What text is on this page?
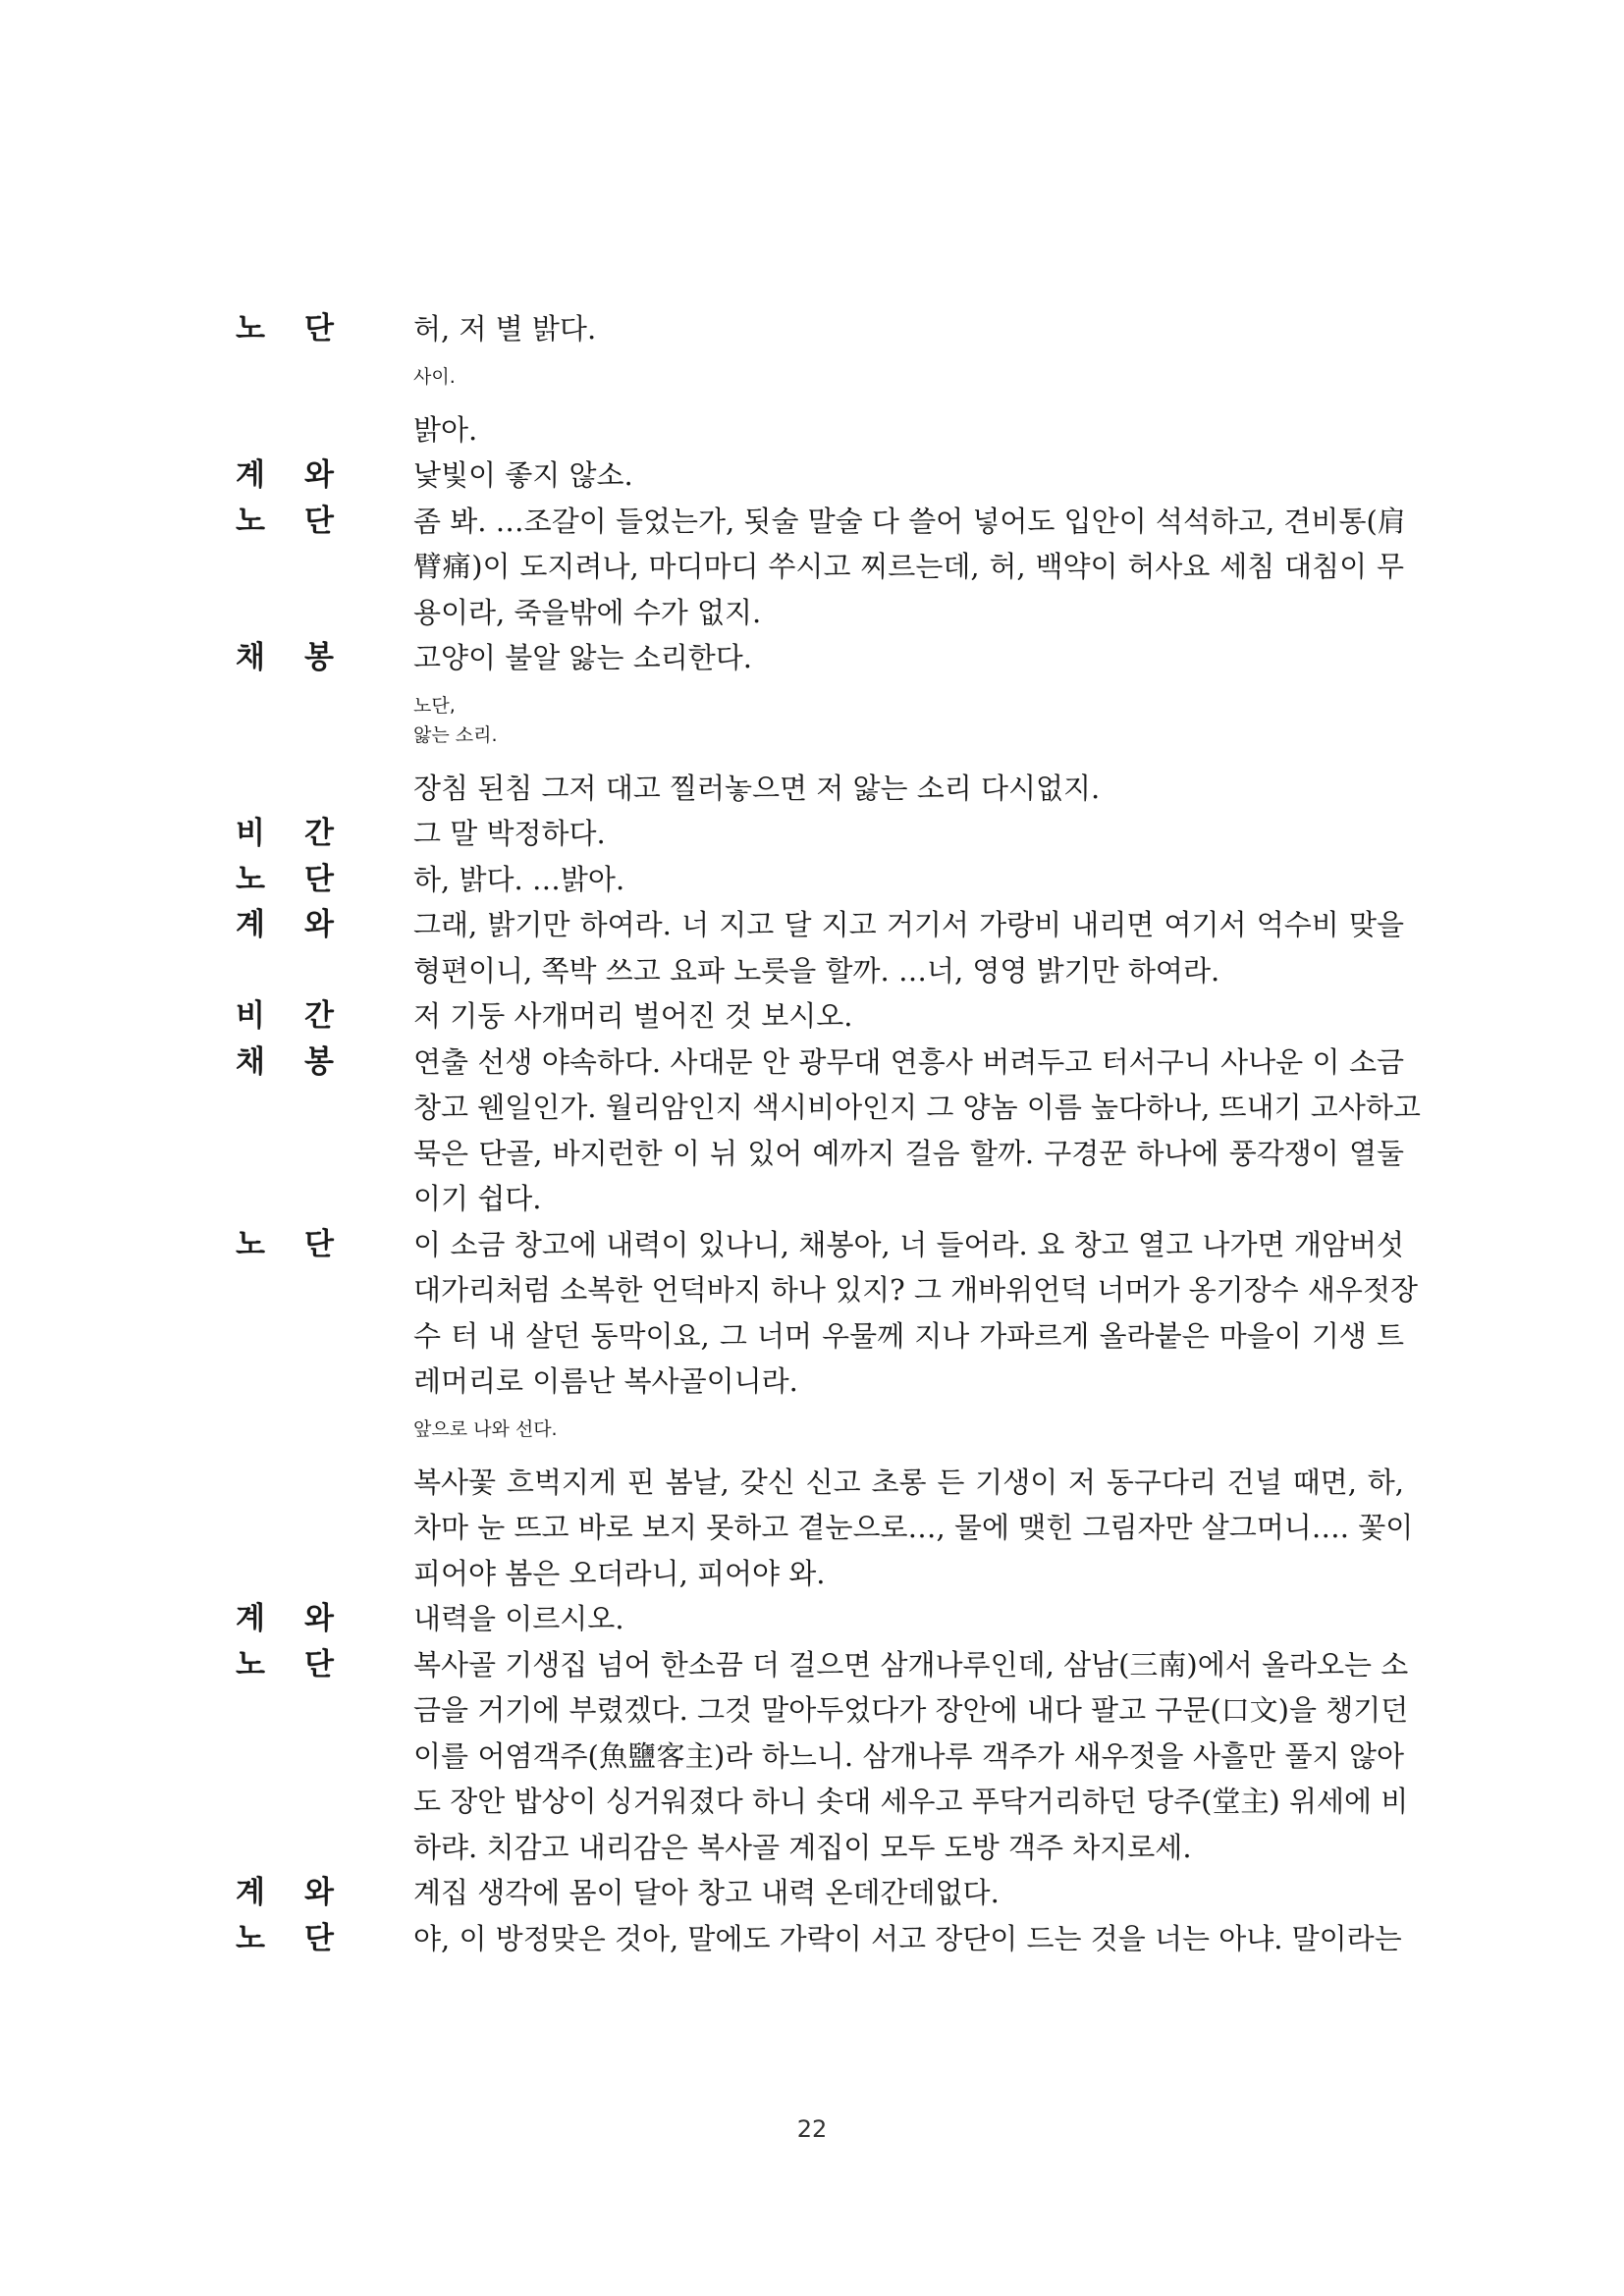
노 단	허, 저 별 밝다.
사이.
밝아.
계 와	낯빛이 좋지 않소.
노 단	좀 봐. …조갈이 들었는가, 됫술 말술 다 쓸어 넣어도 입안이 석석하고, 견비통(肩
臂痛)이 도지려나, 마디마디 쑤시고 찌르는데, 허, 백약이 허사요 세침 대침이 무
용이라, 죽을밖에 수가 없지.
채 봉	고양이 불알 앓는 소리한다.
노단,
앓는 소리.
장침 된침 그저 대고 찔러놓으면 저 앓는 소리 다시없지.
비 간	그 말 박정하다.
노 단	하, 밝다. …밝아.
계 와	그래, 밝기만 하여라. 너 지고 달 지고 거기서 가랑비 내리면 여기서 억수비 맞을
형편이니, 쪽박 쓰고 요파 노릇을 할까. …너, 영영 밝기만 하여라.
비 간	저 기둥 사개머리 벌어진 것 보시오.
채 봉	연출 선생 야속하다. 사대문 안 광무대 연흥사 버려두고 터서구니 사나운 이 소금
창고 웬일인가. 월리암인지 색시비아인지 그 양놈 이름 높다하나, 뜨내기 고사하고
묵은 단골, 바지런한 이 뉘 있어 예까지 걸음 할까. 구경꾼 하나에 풍각쟁이 열둘
이기 쉽다.
노 단	이 소금 창고에 내력이 있나니, 채봉아, 너 들어라. 요 창고 열고 나가면 개암버섯
대가리처럼 소복한 언덕바지 하나 있지? 그 개바위언덕 너머가 옹기장수 새우젓장
수 터 내 살던 동막이요, 그 너머 우물께 지나 가파르게 올라붙은 마을이 기생 트
레머리로 이름난 복사골이니라.
앞으로 나와 선다.
복사꽃 흐벅지게 핀 봄날, 갖신 신고 초롱 든 기생이 저 동구다리 건널 때면, 하,
차마 눈 뜨고 바로 보지 못하고 곁눈으로…, 물에 맺힌 그림자만 살그머니…. 꽃이
피어야 봄은 오더라니, 피어야 와.
계 와	내력을 이르시오.
노 단	복사골 기생집 넘어 한소끔 더 걸으면 삼개나루인데, 삼남(三南)에서 올라오는 소
금을 거기에 부렸겠다. 그것 말아두었다가 장안에 내다 팔고 구문(口文)을 챙기던
이를 어염객주(魚鹽客主)라 하느니. 삼개나루 객주가 새우젓을 사흘만 풀지 않아
도 장안 밥상이 싱거워졌다 하니 솟대 세우고 푸닥거리하던 당주(堂主) 위세에 비
하랴. 치감고 내리감은 복사골 계집이 모두 도방 객주 차지로세.
계 와	계집 생각에 몸이 달아 창고 내력 온데간데없다.
노 단	야, 이 방정맞은 것아, 말에도 가락이 서고 장단이 드는 것을 너는 아냐. 말이라는
22
